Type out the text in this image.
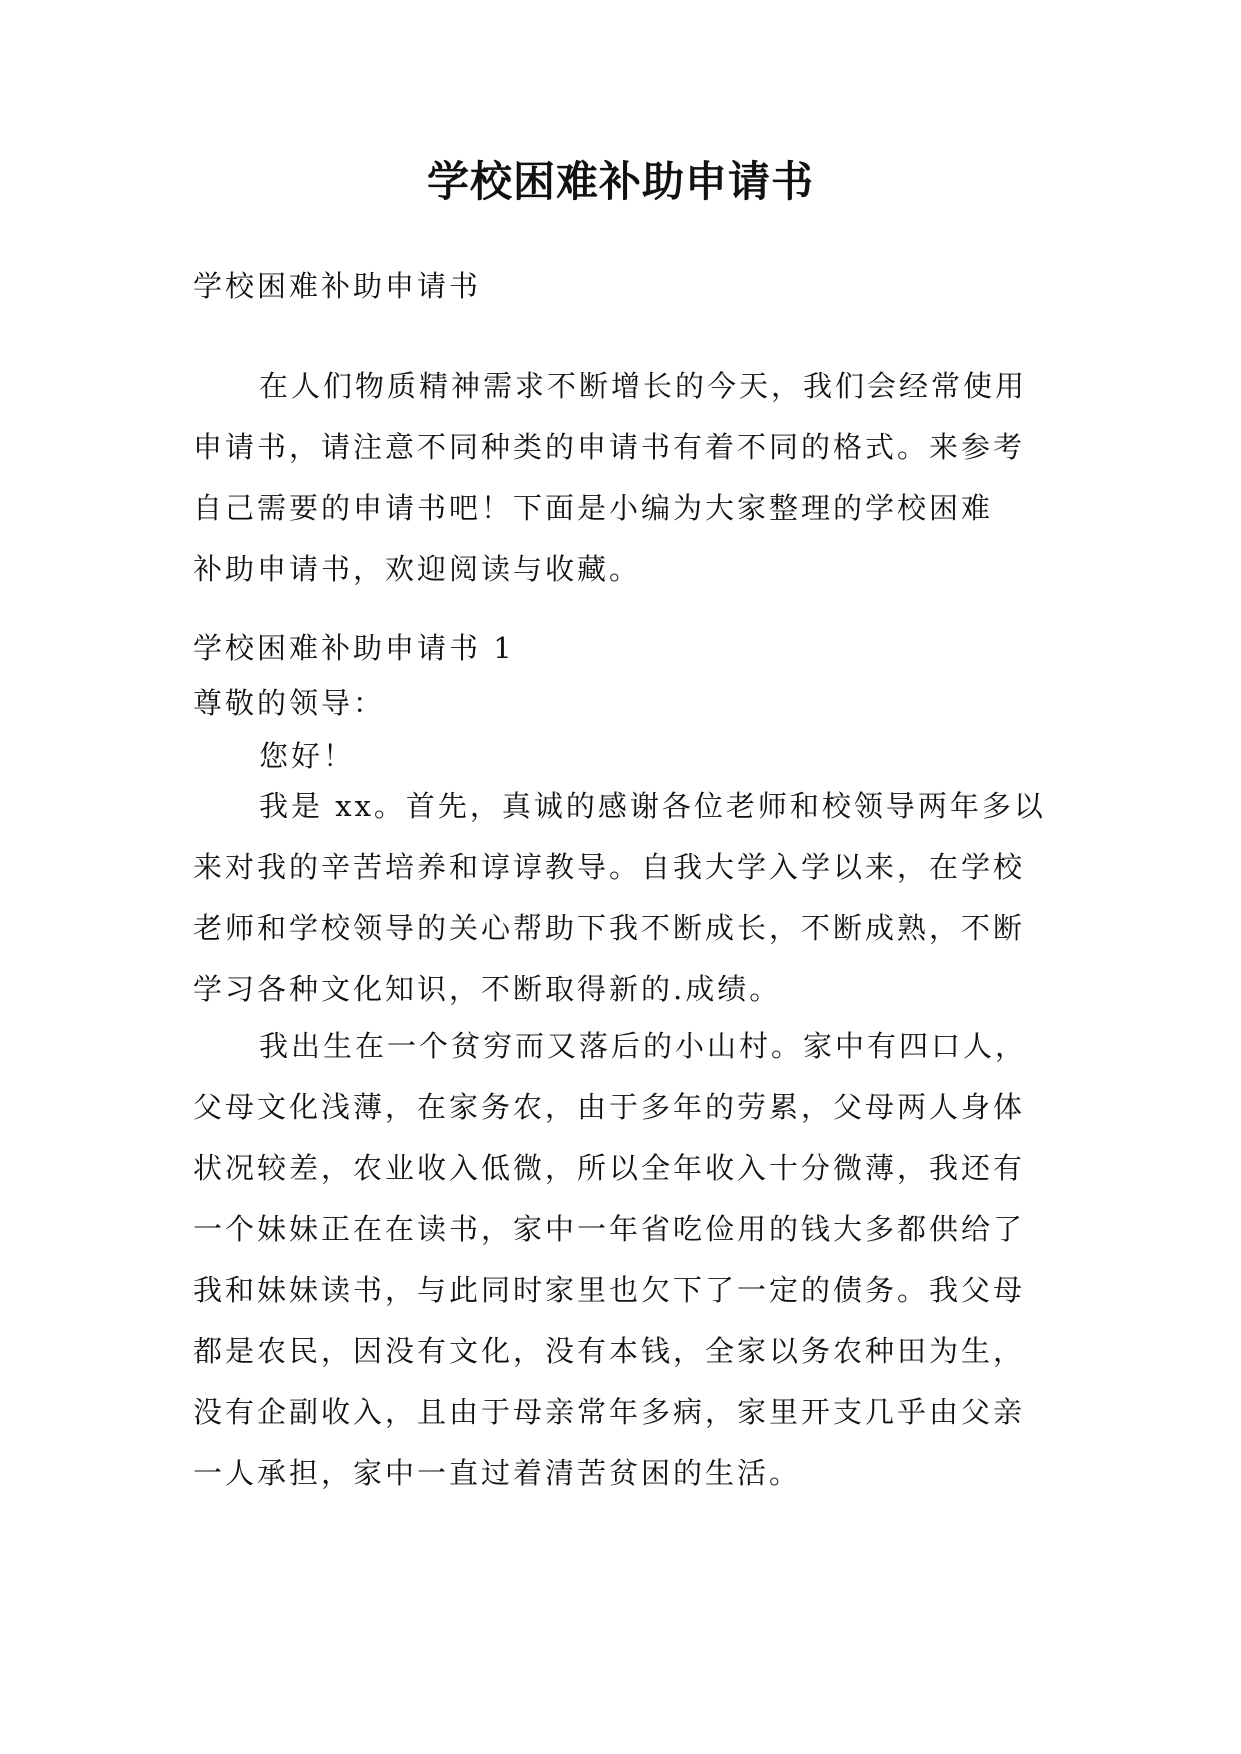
学校困难补助申请书

学校困难补助申请书

在人们物质精神需求不断增长的今天，我们会经常使用
申请书，请注意不同种类的申请书有着不同的格式。来参考
自己需要的申请书吧！下面是小编为大家整理的学校困难
补助申请书，欢迎阅读与收藏。

学校困难补助申请书 1

尊敬的领导：

您好！

我是 xx。首先，真诚的感谢各位老师和校领导两年多以
来对我的辛苦培养和谆谆教导。自我大学入学以来，在学校
老师和学校领导的关心帮助下我不断成长，不断成熟，不断
学习各种文化知识，不断取得新的.成绩。
我出生在一个贫穷而又落后的小山村。家中有四口人，
父母文化浅薄，在家务农，由于多年的劳累，父母两人身体
状况较差，农业收入低微，所以全年收入十分微薄，我还有
一个妹妹正在在读书，家中一年省吃俭用的钱大多都供给了
我和妹妹读书，与此同时家里也欠下了一定的债务。我父母
都是农民，因没有文化，没有本钱，全家以务农种田为生，
没有企副收入，且由于母亲常年多病，家里开支几乎由父亲
一人承担，家中一直过着清苦贫困的生活。
